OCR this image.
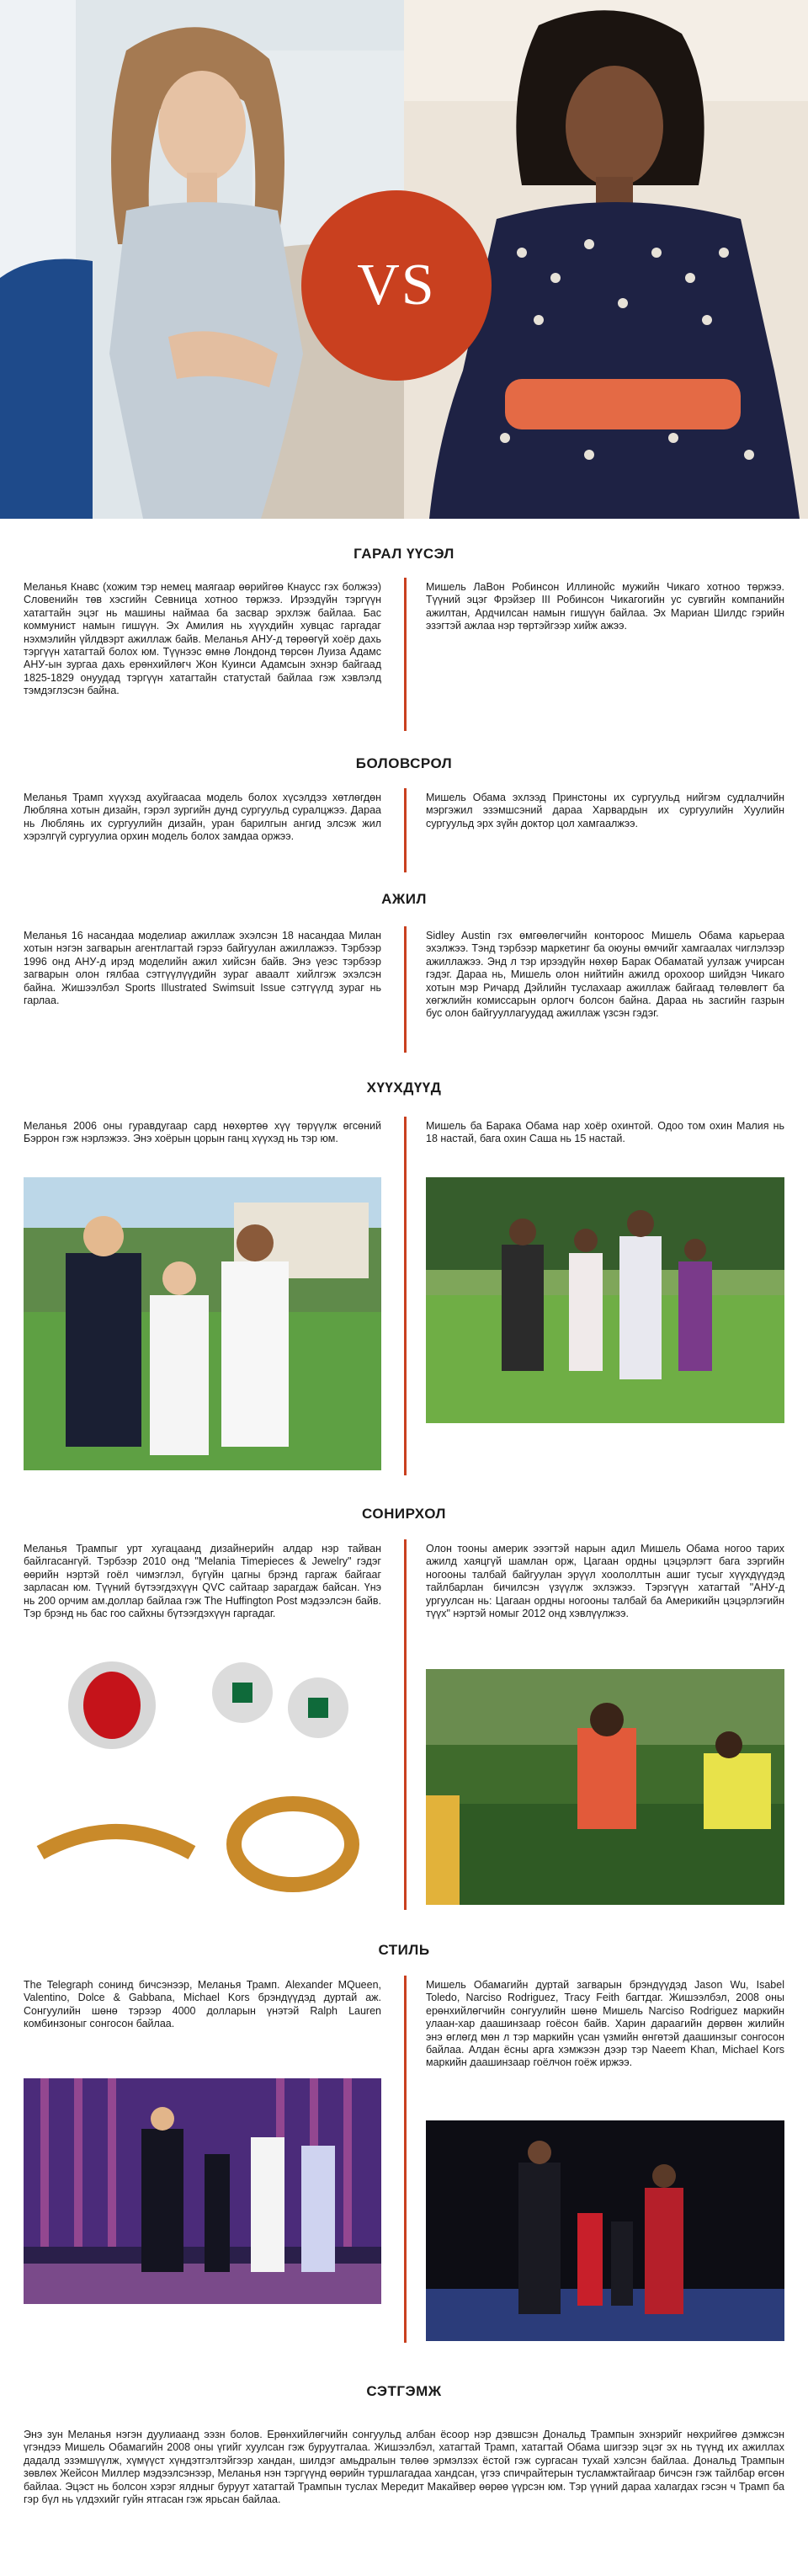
VS
ГАРАЛ ҮҮСЭЛ
Меланья Кнавс (хожим тэр немец маягаар өөрийгөө Кнаусс гэх болжээ) Словенийн төв хэсгийн Севница хотноо төржээ. Ирээдүйн тэргүүн хатагтайн эцэг нь машины наймаа ба засвар эрхлэж байлаа. Бас коммунист намын гишүүн. Эх Амилия нь хүүхдийн хувцас гаргадаг нэхмэлийн үйлдвэрт ажиллаж байв. Меланья АНУ-д төрөөгүй хоёр дахь тэргүүн хатагтай болох юм. Түүнээс өмнө Лондонд төрсөн Луиза Адамс АНУ-ын зургаа дахь ерөнхийлөгч Жон Куинси Адамсын эхнэр байгаад 1825-1829 онуудад тэргүүн хатагтайн статустай байлаа гэж хэвлэлд тэмдэглэсэн байна.
Мишель ЛаВон Робинсон Иллинойс мужийн Чикаго хотноо төржээ. Түүний эцэг Фрэйзер III Робинсон Чикагогийн ус сувгийн компанийн ажилтан, Ардчилсан намын гишүүн байлаа. Эх Мариан Шилдс гэрийн эзэгтэй ажлаа нэр төртэйгээр хийж ажээ.
БОЛОВСРОЛ
Меланья Трамп хүүхэд ахуйгаасаа модель болох хүсэлдээ хөтлөгдөн Люблянa хотын дизайн, гэрэл зургийн дунд сургуульд суралцжээ. Дараа нь Люблянь их сургуулийн дизайн, уран барилгын ангид элсэж жил хэрэлгүй сургуулиа орхин модель болох замдаа оржээ.
Мишель Обама эхлээд Принстоны их сургуульд нийгэм судлалчийн мэргэжил эзэмшсэний дараа Харвардын их сургуулийн Хуулийн сургуульд эрх зүйн доктор цол хамгаалжээ.
АЖИЛ
Меланья 16 насандаа моделиар ажиллаж эхэлсэн 18 насандаа Милан хотын нэгэн загварын агентлагтай гэрээ байгуулан ажиллажээ. Тэрбээр 1996 онд АНУ-д ирэд моделийн ажил хийсэн байв. Энэ үеэс тэрбээр загварын олон гялбаа сэтгүүлүүдийн зураг аваалт хийлгэж эхэлсэн байна. Жишээлбэл Sports Illustrated Swimsuit Issue сэтгүүлд зураг нь гарлаа.
Sidley Austin гэх өмгөөлөгчийн контороос Мишель Обама карьераа эхэлжээ. Тэнд тэрбээр маркетинг ба оюуны өмчийг хамгаалах чиглэлээр ажиллажээ. Энд л тэр ирээдүйн нөхөр Барак Обаматай уулзаж учирсан гэдэг. Дараа нь, Мишель олон нийтийн ажилд орохоор шийдэн Чикаго хотын мэр Ричард Дэйлийн туслахаар ажиллаж байгаад төлөвлөгт ба хөгжлийн комиссарын орлогч болсон байна. Дараа нь засгийн газрын бус олон байгууллагуудад ажиллаж үзсэн гэдэг.
ХҮҮХДҮҮД
Меланья 2006 оны гуравдугаар сард нөхөртөө хүү төрүүлж өгсөний Бэррон гэж нэрлэжээ. Энэ хоёрын цорын ганц хүүхэд нь тэр юм.
Мишель ба Барака Обама нар хоёр охинтой. Одоо том охин Малия нь 18 настай, бага охин Саша нь 15 настай.
СОНИРХОЛ
Меланья Трампыг урт хугацаанд дизайнерийн алдар нэр тайван байлгасангүй. Тэрбээр 2010 онд "Melania Timepieces & Jewelry" гэдэг өөрийн нэртэй гоёл чимэглэл, бүгүйн цагны брэнд гаргаж байгааг зарласан юм. Түүний бүтээгдэхүүн QVC сайтаар зарагдаж байсан. Үнэ нь 200 орчим ам.доллар байлаа гэж The Huffington Post мэдээлсэн байв. Тэр брэнд нь бас гоо сайхны бүтээгдэхүүн гаргадаг.
Олон тооны америк эээгтэй нарын адил Мишель Обама ногоо тарих ажилд хаяцгүй шамлан орж, Цагаан ордны цэцэрлэгт бага зэргийн ногооны талбай байгуулан эрүүл хоололлтын ашиг тусыг хүүхдүүдэд тайлбарлан бичилсэн үзүүлж эхлэжээ. Тэрэгүүн хатагтай "АНУ-д ургуулсан нь: Цагаан ордны ногооны талбай ба Америкийн цэцэрлэгийн түүх" нэртэй номыг 2012 онд хэвлүүлжээ.
СТИЛЬ
The Telegraph сонинд бичсэнээр, Меланья Трамп. Alexander MQueen, Valentino, Dolce & Gabbana, Michael Kors брэндүүдэд дуртай аж. Сонгуулийн шөнө тэрээр 4000 долларын үнэтэй Ralph Lauren комбинзоныг сонгосон байлаа.
Мишель Обамагийн дуртай загварын брэндүүдэд Jason Wu, Isabel Toledo, Narciso Rodriguez, Tracy Feith багтдаг. Жишээлбэл, 2008 оны ерөнхийлөгчийн сонгуулийн шөнө Мишель Narciso Rodriguez маркийн улаан-хар даашинзаар гоёсон байв. Харин дараагийн дөрвөн жилийн энэ өглөгд мөн л тэр маркийн үсан үзмийн өнгөтэй даашинзыг сонгосон байлаа. Алдан ёсны арга хэмжээн дээр тэр Naeem Khan, Michael Kors маркийн даашинзаар гоёлчон гоёж иржээ.
СЭТГЭМЖ
Энэ зун Меланья нэгэн дуулиаанд ээзн болов. Ерөнхийлөгчийн сонгуульд албан ёсоор нэр дэвшсэн Дональд Трампын эхнэрийг нөхрийгөө дэмжсэн үгэндээ Мишель Обамагийн 2008 оны үгийг хуулсан гэж буруутгалаа. Жишээлбэл, хатагтай Трамп, хатагтай Обама шигээр эцэг эх нь түүнд их ажиллах дадалд эзэмшүүлж, хүмүүст хүндэтгэлтэйгээр хандан, шилдэг амьдралын төлөө эрмэлзэх ёстой гэж сургасан тухай хэлсэн байлаа. Дональд Трампын зөвлөх Жейсон Миллер мэдээлсэнээр, Меланья нэн тэргүүнд өөрийн туршлагадаа хандсан, үгээ спичрайтерын тусламжтайгаар бичсэн гэж тайлбар өгсөн байлаа. Эцэст нь болсон хэрэг ялдныг буруут хатагтай Трампын туслах Мередит Макайвер өөрөө үүрсэн юм. Тэр үүний дараа халагдах гэсэн ч Трамп ба гэр бүл нь үлдэхийг гуйн ятгасан гэж ярьсан байлаа.
